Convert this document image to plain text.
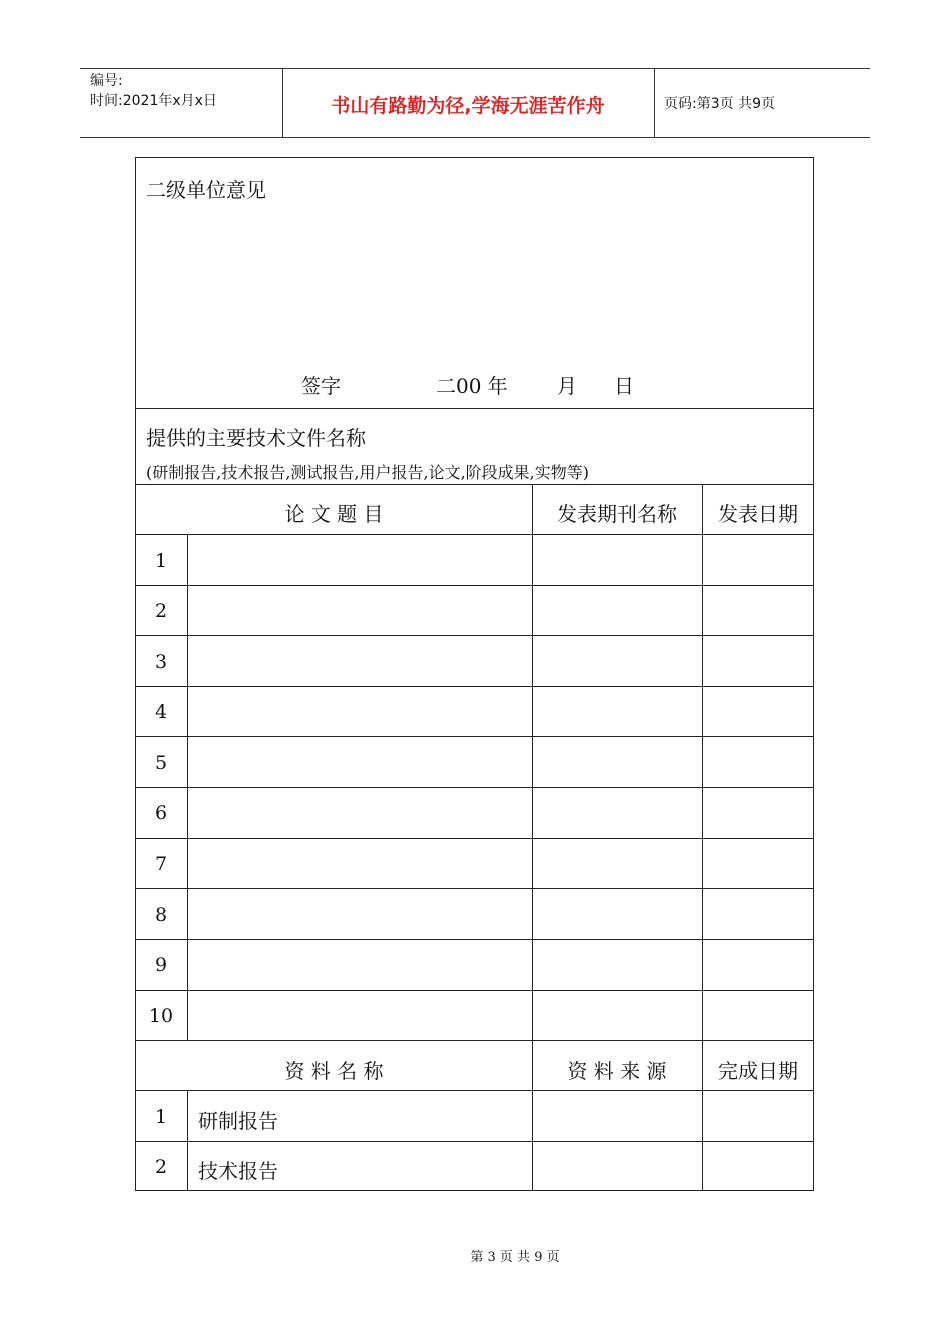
编号:
时间:2021年x月x日	书山有路勤为径,学海无涯苦作舟	页码:第3页 共9页
二级单位意见
签字	二00 年 月 日
提供的主要技术文件名称
(研制报告,技术报告,测试报告,用户报告,论文,阶段成果,实物等)
论 文 题 目	发表期刊名称	发表日期
1
2
3
4
5
6
7
8
9
10
资 料 名 称	资 料 来 源	完成日期
1	研制报告
2	技术报告
第 3 页 共 9 页
